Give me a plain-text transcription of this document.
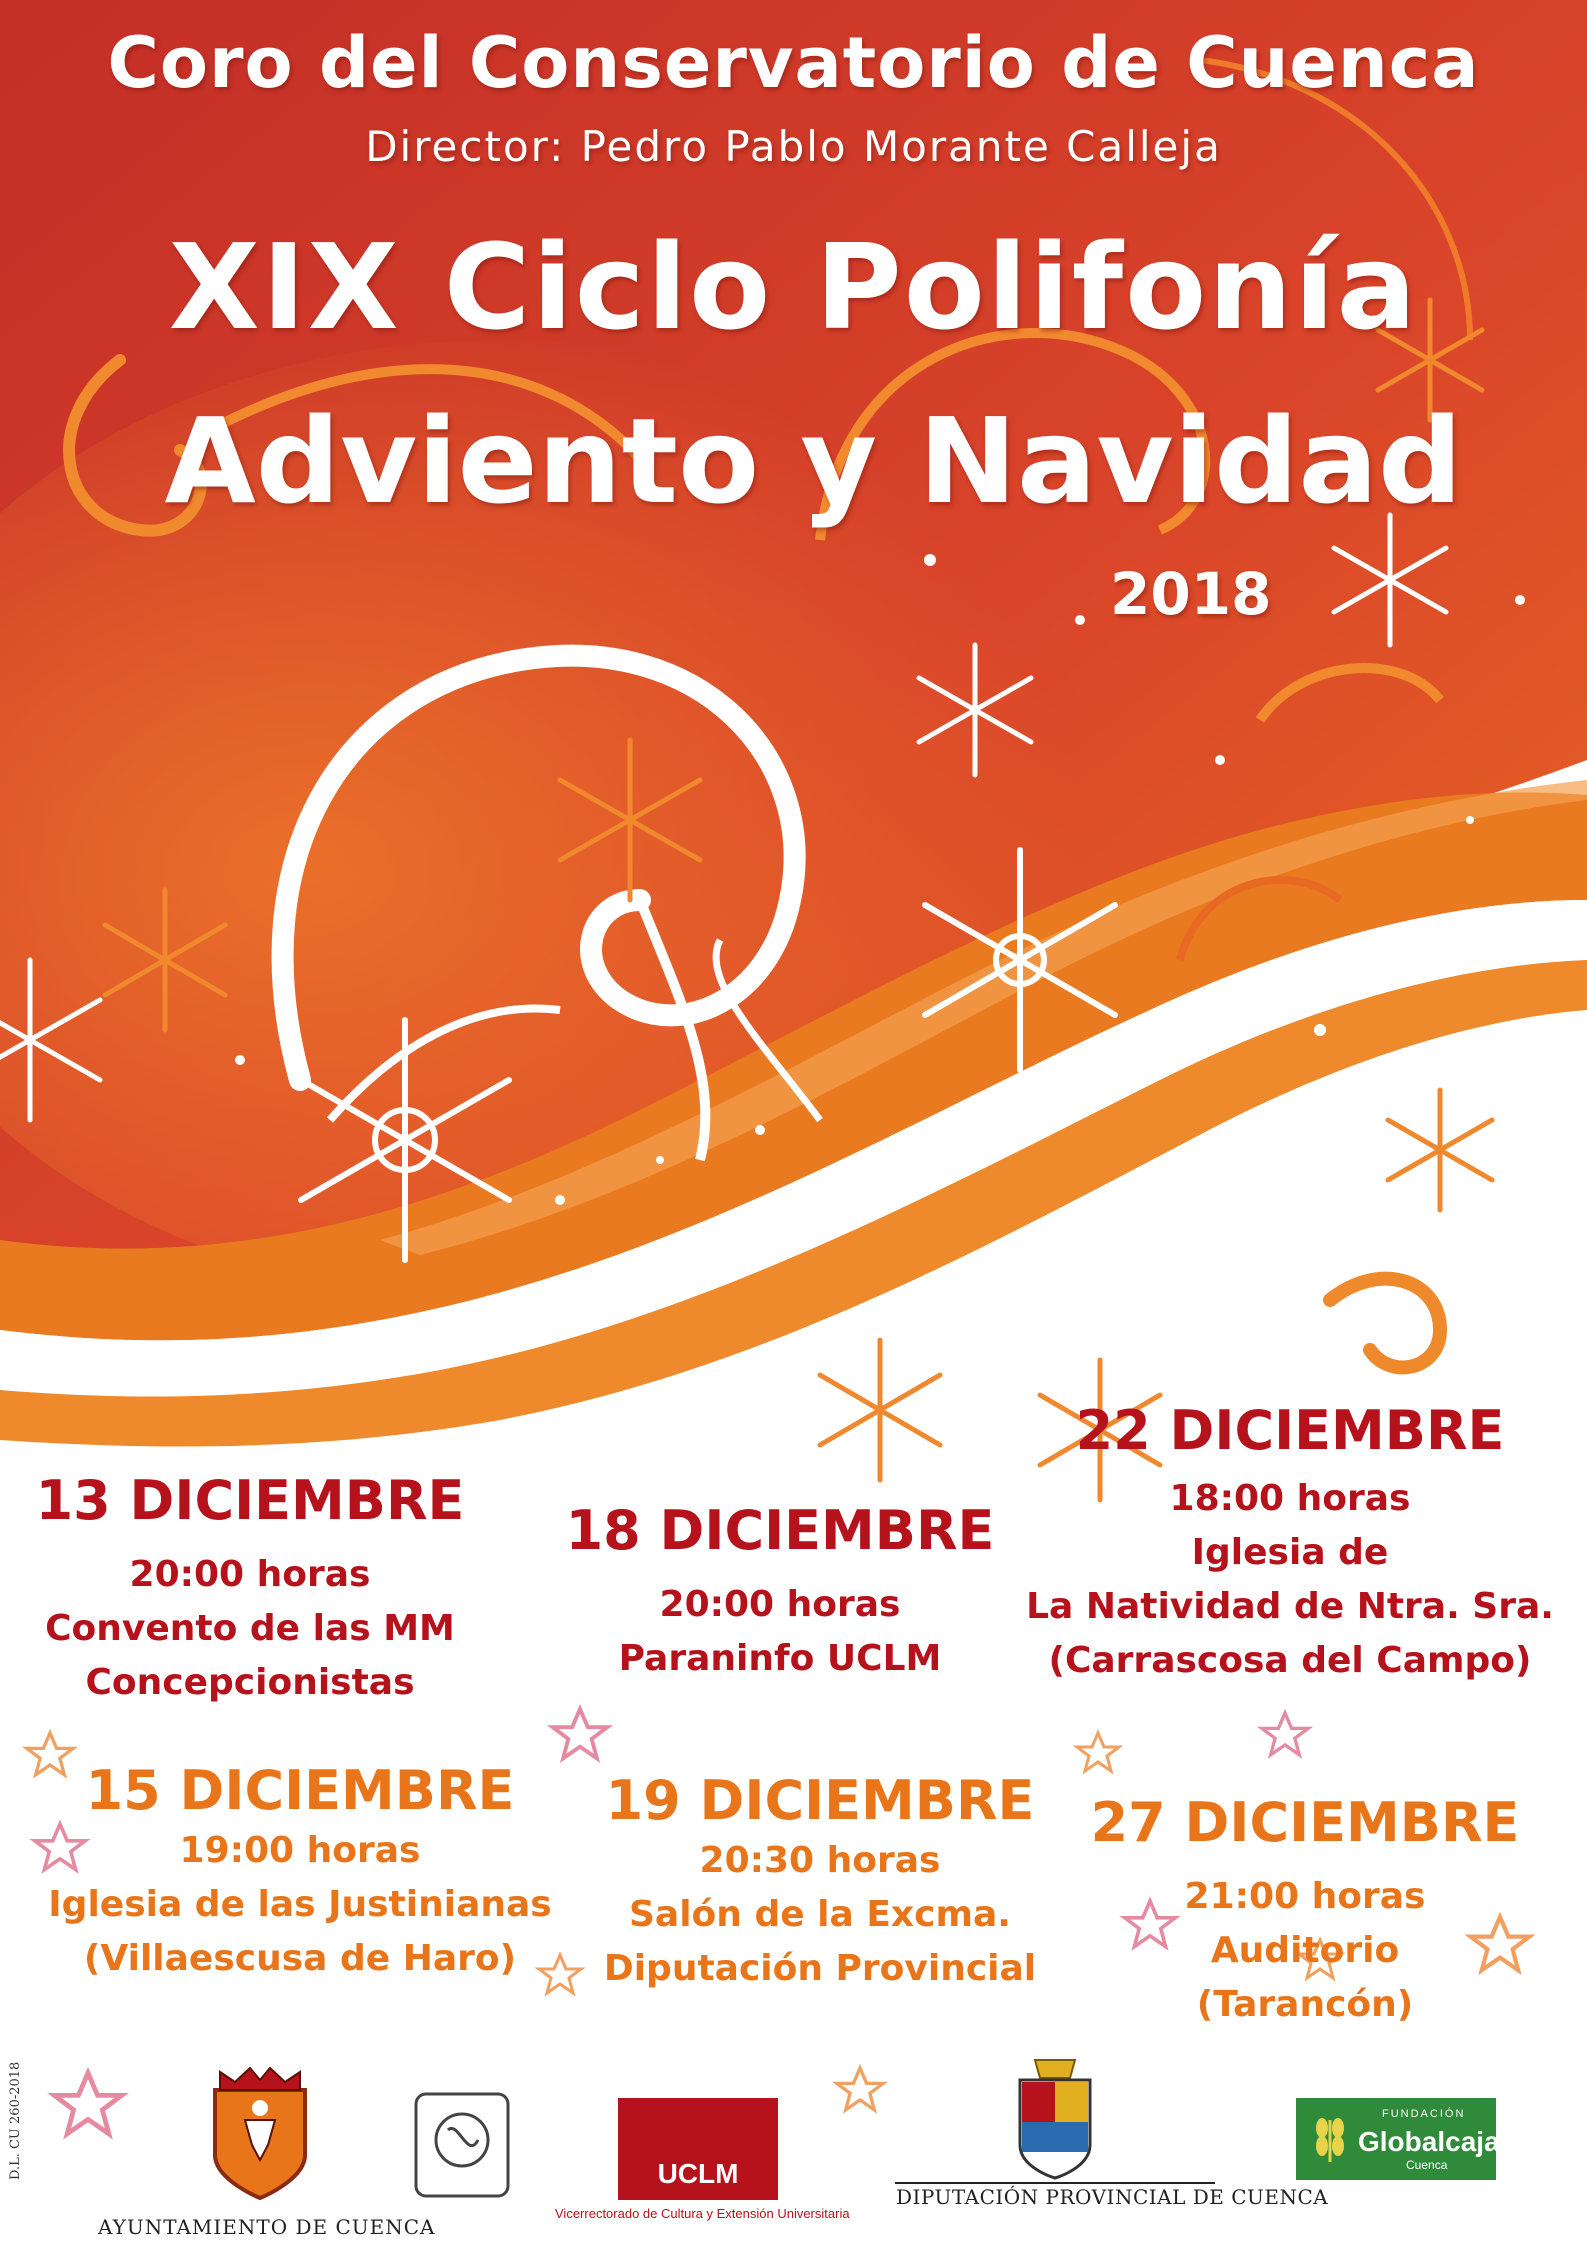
Coro del Conservatorio de Cuenca
Director: Pedro Pablo Morante Calleja
XIX Ciclo Polifonía
Adviento y Navidad
2018
13 DICIEMBRE
20:00 horas
Convento de las MM
Concepcionistas
18 DICIEMBRE
20:00 horas
Paraninfo UCLM
22 DICIEMBRE
18:00 horas
Iglesia de
La Natividad de Ntra. Sra.
(Carrascosa del Campo)
15 DICIEMBRE
19:00 horas
Iglesia de las Justinianas
(Villaescusa de Haro)
19 DICIEMBRE
20:30 horas
Salón de la Excma.
Diputación Provincial
27 DICIEMBRE
21:00 horas
Auditorio
(Tarancón)
D.L. CU 260-2018
AYUNTAMIENTO DE CUENCA
UCLM
Vicerrectorado de Cultura y Extensión Universitaria
DIPUTACIÓN PROVINCIAL DE CUENCA
FUNDACIÓN
Globalcaja
Cuenca
